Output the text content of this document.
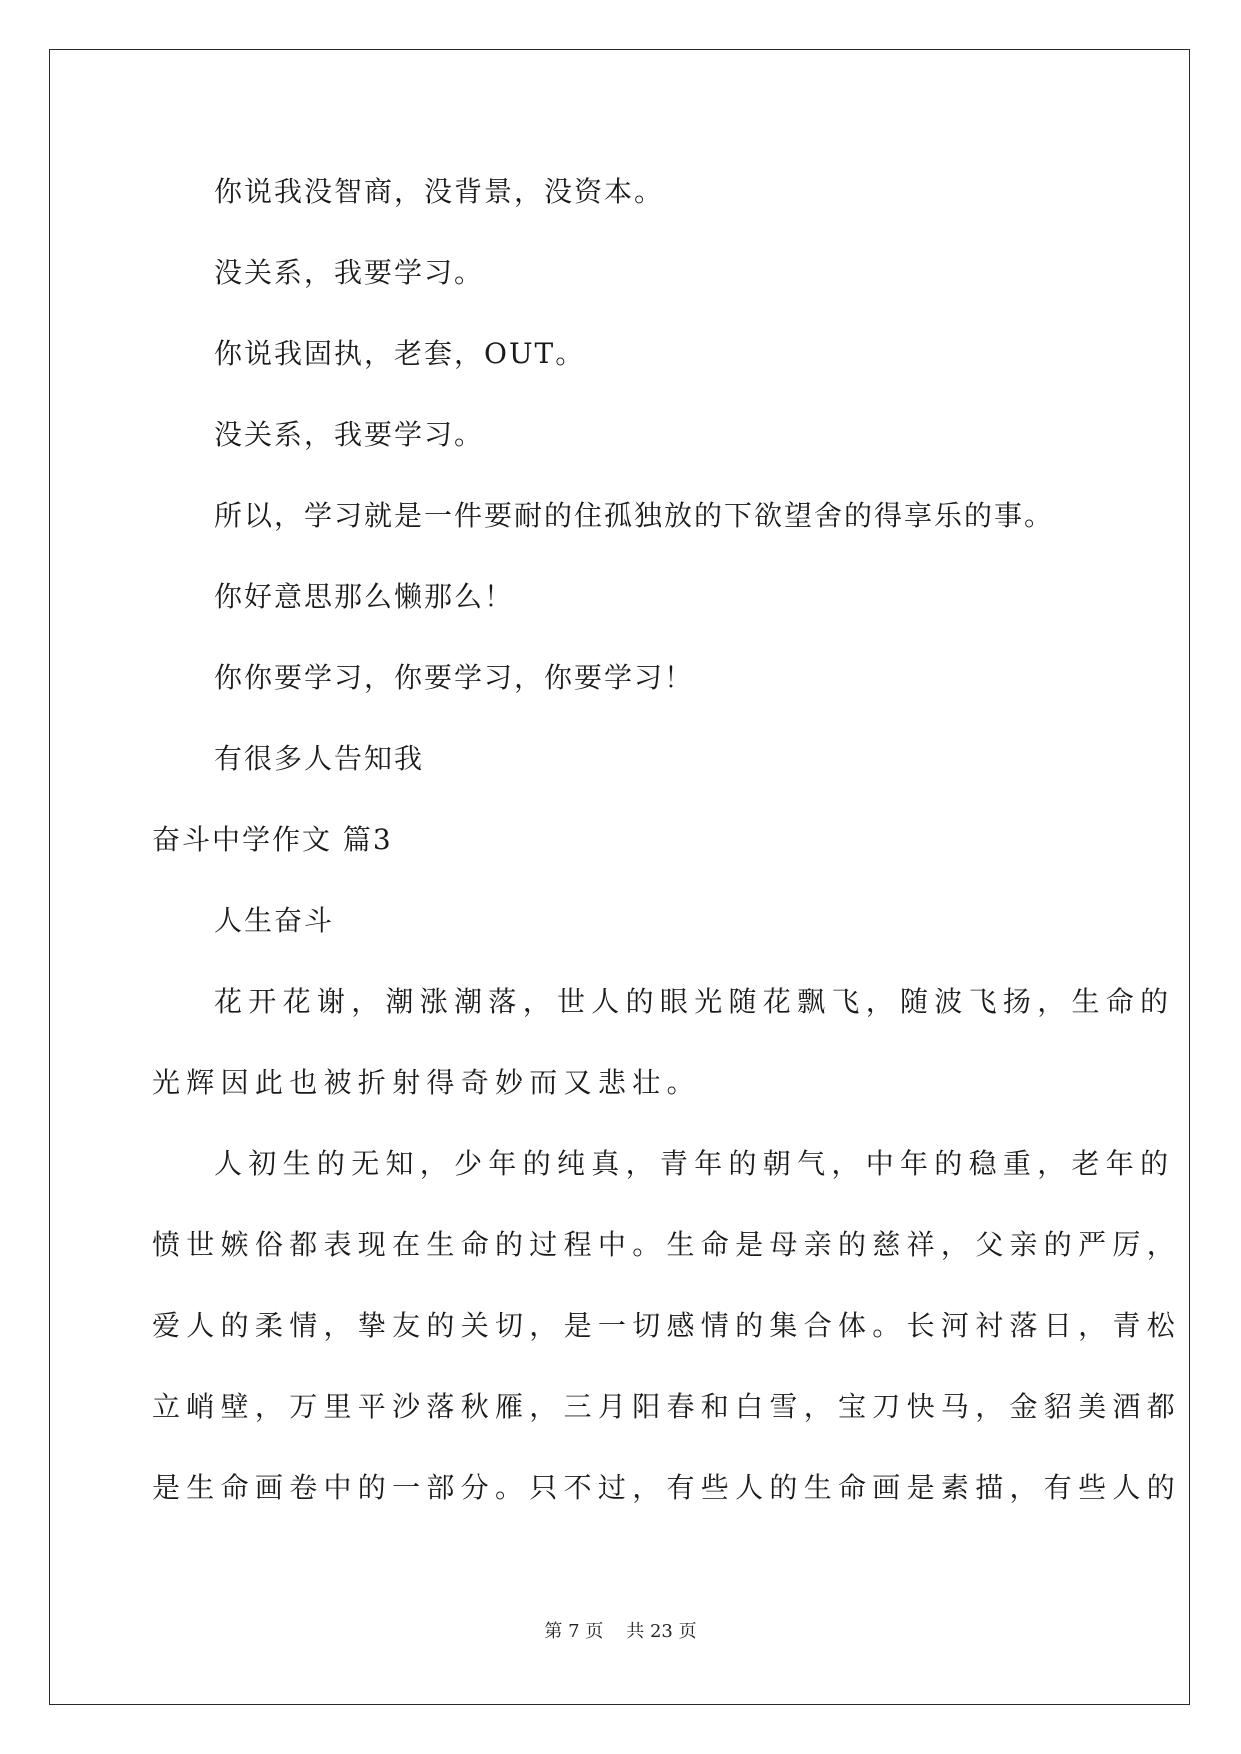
你说我没智商，没背景，没资本。
没关系，我要学习。
你说我固执，老套，OUT。
没关系，我要学习。
所以，学习就是一件要耐的住孤独放的下欲望舍的得享乐的事。
你好意思那么懒那么！
你你要学习，你要学习，你要学习！
有很多人告知我
奋斗中学作文 篇3
人生奋斗
花开花谢，潮涨潮落，世人的眼光随花飘飞，随波飞扬，生命的
光辉因此也被折射得奇妙而又悲壮。
人初生的无知，少年的纯真，青年的朝气，中年的稳重，老年的
愤世嫉俗都表现在生命的过程中。生命是母亲的慈祥，父亲的严厉，
爱人的柔情，挚友的关切，是一切感情的集合体。长河衬落日，青松
立峭壁，万里平沙落秋雁，三月阳春和白雪，宝刀快马，金貂美酒都
是生命画卷中的一部分。只不过，有些人的生命画是素描，有些人的
第 7 页 共 23 页
